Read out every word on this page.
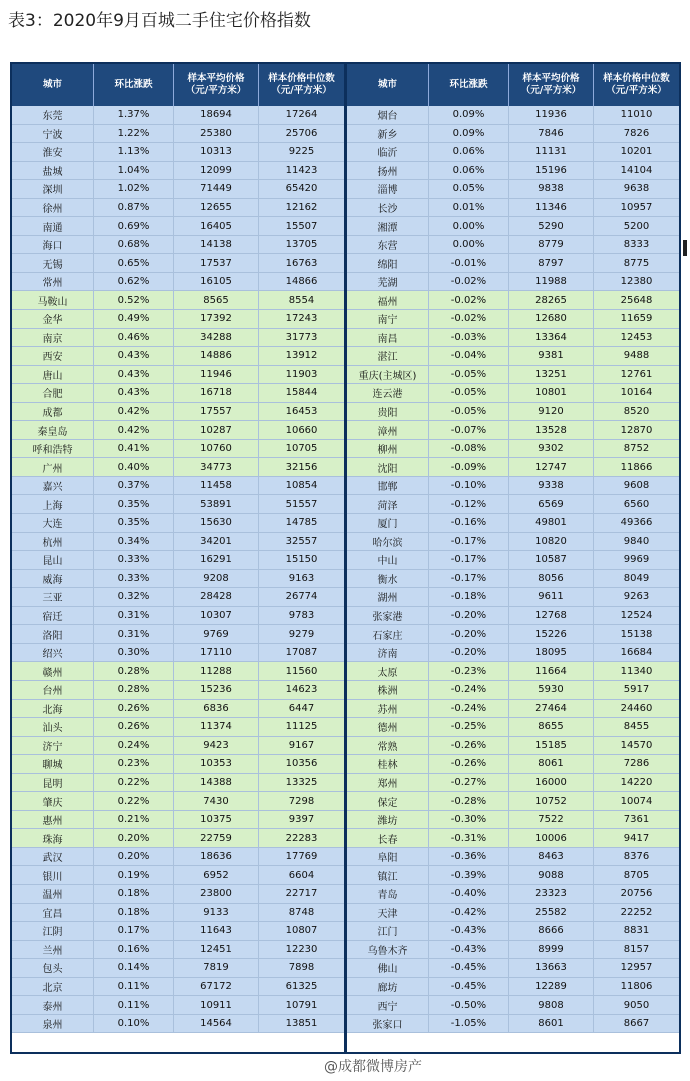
表3：2020年9月百城二手住宅价格指数
城市	环比涨跌
样本平均价格
（元/平方米）
样本价格中位数
（元/平方米）
东莞	1.37%	18694	17264
宁波	1.22%	25380	25706
淮安	1.13%	10313	9225
盐城	1.04%	12099	11423
深圳	1.02%	71449	65420
徐州	0.87%	12655	12162
南通	0.69%	16405	15507
海口	0.68%	14138	13705
无锡	0.65%	17537	16763
常州	0.62%	16105	14866
马鞍山	0.52%	8565	8554
金华	0.49%	17392	17243
南京	0.46%	34288	31773
西安	0.43%	14886	13912
唐山	0.43%	11946	11903
合肥	0.43%	16718	15844
成都	0.42%	17557	16453
秦皇岛	0.42%	10287	10660
呼和浩特	0.41%	10760	10705
广州	0.40%	34773	32156
嘉兴	0.37%	11458	10854
上海	0.35%	53891	51557
大连	0.35%	15630	14785
杭州	0.34%	34201	32557
昆山	0.33%	16291	15150
威海	0.33%	9208	9163
三亚	0.32%	28428	26774
宿迁	0.31%	10307	9783
洛阳	0.31%	9769	9279
绍兴	0.30%	17110	17087
赣州	0.28%	11288	11560
台州	0.28%	15236	14623
北海	0.26%	6836	6447
汕头	0.26%	11374	11125
济宁	0.24%	9423	9167
聊城	0.23%	10353	10356
昆明	0.22%	14388	13325
肇庆	0.22%	7430	7298
惠州	0.21%	10375	9397
珠海	0.20%	22759	22283
武汉	0.20%	18636	17769
银川	0.19%	6952	6604
温州	0.18%	23800	22717
宜昌	0.18%	9133	8748
江阴	0.17%	11643	10807
兰州	0.16%	12451	12230
包头	0.14%	7819	7898
北京	0.11%	67172	61325
泰州	0.11%	10911	10791
泉州	0.10%	14564	13851
城市	环比涨跌
样本平均价格
（元/平方米）
样本价格中位数
（元/平方米）
烟台	0.09%	11936	11010
新乡	0.09%	7846	7826
临沂	0.06%	11131	10201
扬州	0.06%	15196	14104
淄博	0.05%	9838	9638
长沙	0.01%	11346	10957
湘潭	0.00%	5290	5200
东营	0.00%	8779	8333
绵阳	-0.01%	8797	8775
芜湖	-0.02%	11988	12380
福州	-0.02%	28265	25648
南宁	-0.02%	12680	11659
南昌	-0.03%	13364	12453
湛江	-0.04%	9381	9488
重庆(主城区)	-0.05%	13251	12761
连云港	-0.05%	10801	10164
贵阳	-0.05%	9120	8520
漳州	-0.07%	13528	12870
柳州	-0.08%	9302	8752
沈阳	-0.09%	12747	11866
邯郸	-0.10%	9338	9608
菏泽	-0.12%	6569	6560
厦门	-0.16%	49801	49366
哈尔滨	-0.17%	10820	9840
中山	-0.17%	10587	9969
衡水	-0.17%	8056	8049
湖州	-0.18%	9611	9263
张家港	-0.20%	12768	12524
石家庄	-0.20%	15226	15138
济南	-0.20%	18095	16684
太原	-0.23%	11664	11340
株洲	-0.24%	5930	5917
苏州	-0.24%	27464	24460
德州	-0.25%	8655	8455
常熟	-0.26%	15185	14570
桂林	-0.26%	8061	7286
郑州	-0.27%	16000	14220
保定	-0.28%	10752	10074
潍坊	-0.30%	7522	7361
长春	-0.31%	10006	9417
阜阳	-0.36%	8463	8376
镇江	-0.39%	9088	8705
青岛	-0.40%	23323	20756
天津	-0.42%	25582	22252
江门	-0.43%	8666	8831
乌鲁木齐	-0.43%	8999	8157
佛山	-0.45%	13663	12957
廊坊	-0.45%	12289	11806
西宁	-0.50%	9808	9050
张家口	-1.05%	8601	8667
@成都微博房产
